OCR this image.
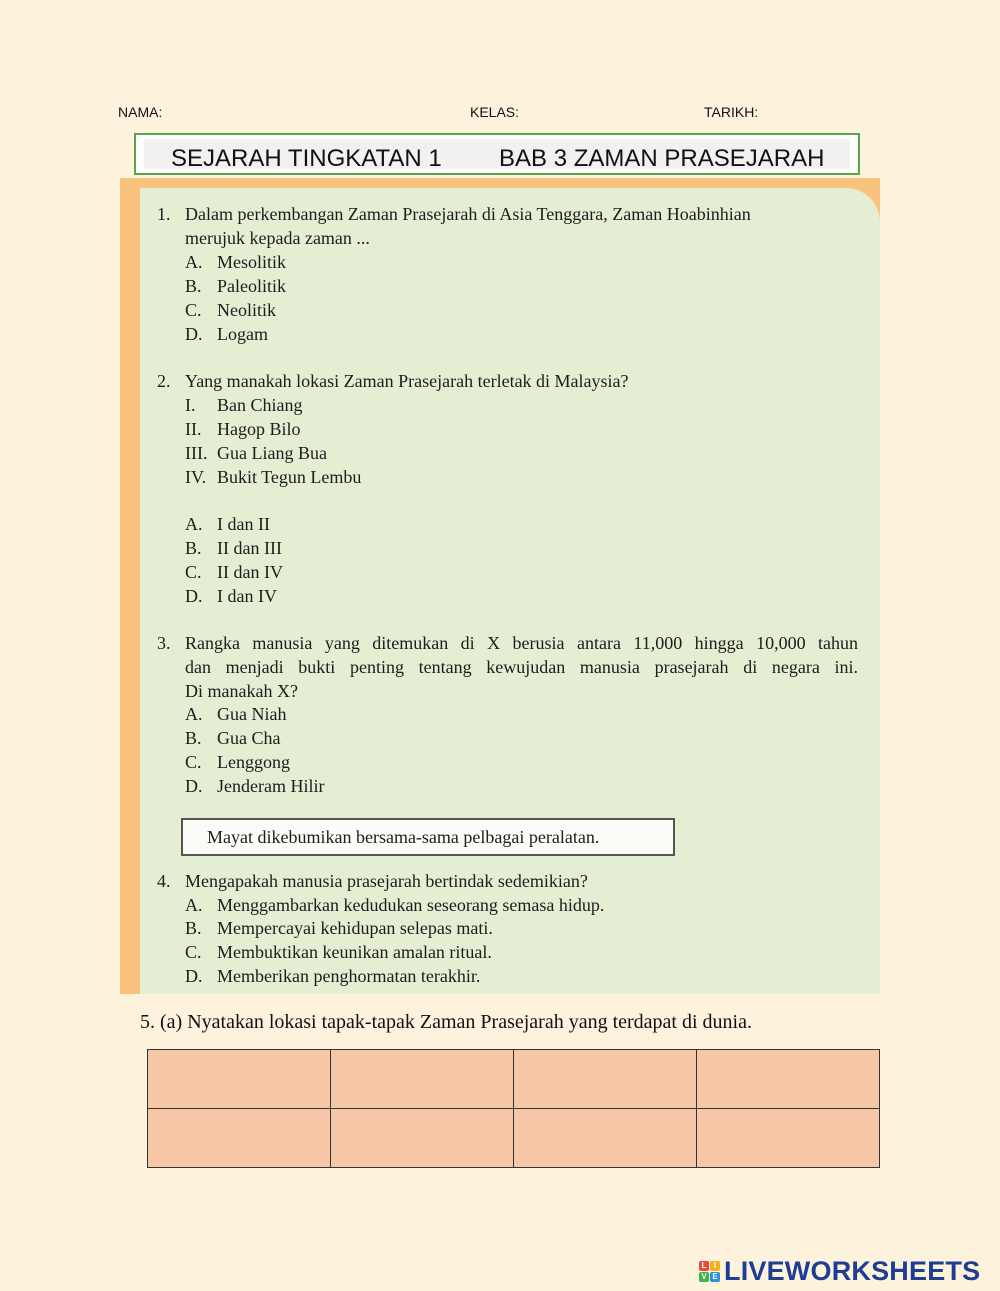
NAMA:	KELAS:	TARIKH:
SEJARAH TINGKATAN 1 BAB 3 ZAMAN PRASEJARAH
1. Dalam perkembangan Zaman Prasejarah di Asia Tenggara, Zaman Hoabinhian
merujuk kepada zaman ...
A. Mesolitik
B. Paleolitik
C. Neolitik
D. Logam
2. Yang manakah lokasi Zaman Prasejarah terletak di Malaysia?
I. Ban Chiang
II. Hagop Bilo
III. Gua Liang Bua
IV. Bukit Tegun Lembu
A. I dan II
B. II dan III
C. II dan IV
D. I dan IV
3. Rangka manusia yang ditemukan di X berusia antara 11,000 hingga 10,000 tahun
dan menjadi bukti penting tentang kewujudan manusia prasejarah di negara ini.
Di manakah X?
A. Gua Niah
B. Gua Cha
C. Lenggong
D. Jenderam Hilir
Mayat dikebumikan bersama-sama pelbagai peralatan.
4. Mengapakah manusia prasejarah bertindak sedemikian?
A. Menggambarkan kedudukan seseorang semasa hidup.
B. Mempercayai kehidupan selepas mati.
C. Membuktikan keunikan amalan ritual.
D. Memberikan penghormatan terakhir.
5. (a) Nyatakan lokasi tapak-tapak Zaman Prasejarah yang terdapat di dunia.

L I
V E LIVEWORKSHEETS
